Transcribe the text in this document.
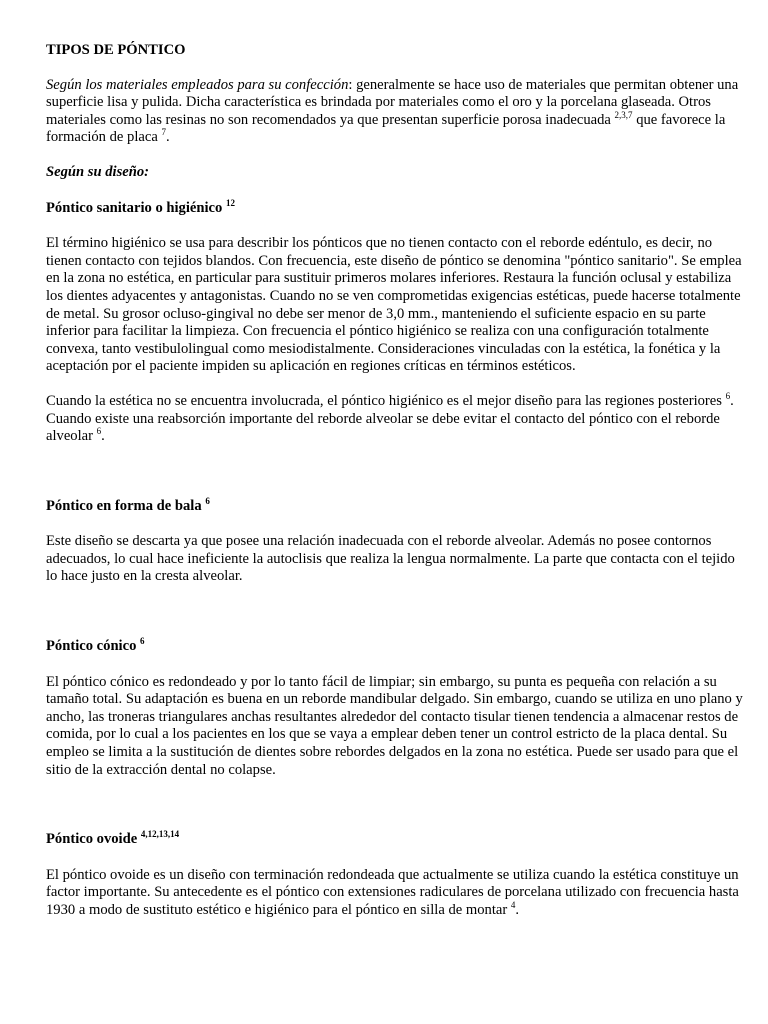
TIPOS DE PÓNTICO

Según los materiales empleados para su confección: generalmente se hace uso de materiales que permitan obtener una superficie lisa y pulida. Dicha característica es brindada por materiales como el oro y la porcelana glaseada. Otros materiales como las resinas no son recomendados ya que presentan superficie porosa inadecuada $^{2,3,7}$ que favorece la formación de placa $^7$.

Según su diseño:

Póntico sanitario o higiénico $^{12}$

El término higiénico se usa para describir los pónticos que no tienen contacto con el reborde edéntulo, es decir, no tienen contacto con tejidos blandos. Con frecuencia, este diseño de póntico se denomina "póntico sanitario". Se emplea en la zona no estética, en particular para sustituir primeros molares inferiores. Restaura la función oclusal y estabiliza los dientes adyacentes y antagonistas. Cuando no se ven comprometidas exigencias estéticas, puede hacerse totalmente de metal. Su grosor ocluso-gingival no debe ser menor de 3,0 mm., manteniendo el suficiente espacio en su parte inferior para facilitar la limpieza. Con frecuencia el póntico higiénico se realiza con una configuración totalmente convexa, tanto vestibulolingual como mesiodistalmente. Consideraciones vinculadas con la estética, la fonética y la aceptación por el paciente impiden su aplicación en regiones críticas en términos estéticos.

Cuando la estética no se encuentra involucrada, el póntico higiénico es el mejor diseño para las regiones posteriores $^6$. Cuando existe una reabsorción importante del reborde alveolar se debe evitar el contacto del póntico con el reborde alveolar $^6$.

Póntico en forma de bala $^6$

Este diseño se descarta ya que posee una relación inadecuada con el reborde alveolar. Además no posee contornos adecuados, lo cual hace ineficiente la autoclisis que realiza la lengua normalmente. La parte que contacta con el tejido lo hace justo en la cresta alveolar.

Póntico cónico $^6$

El póntico cónico es redondeado y por lo tanto fácil de limpiar; sin embargo, su punta es pequeña con relación a su tamaño total. Su adaptación es buena en un reborde mandibular delgado. Sin embargo, cuando se utiliza en uno plano y ancho, las troneras triangulares anchas resultantes alrededor del contacto tisular tienen tendencia a almacenar restos de comida, por lo cual a los pacientes en los que se vaya a emplear deben tener un control estricto de la placa dental. Su empleo se limita a la sustitución de dientes sobre rebordes delgados en la zona no estética. Puede ser usado para que el sitio de la extracción dental no colapse.

Póntico ovoide $^{4,12,13,14}$

El póntico ovoide es un diseño con terminación redondeada que actualmente se utiliza cuando la estética constituye un factor importante. Su antecedente es el póntico con extensiones radiculares de porcelana utilizado con frecuencia hasta 1930 a modo de sustituto estético e higiénico para el póntico en silla de montar $^4$.
